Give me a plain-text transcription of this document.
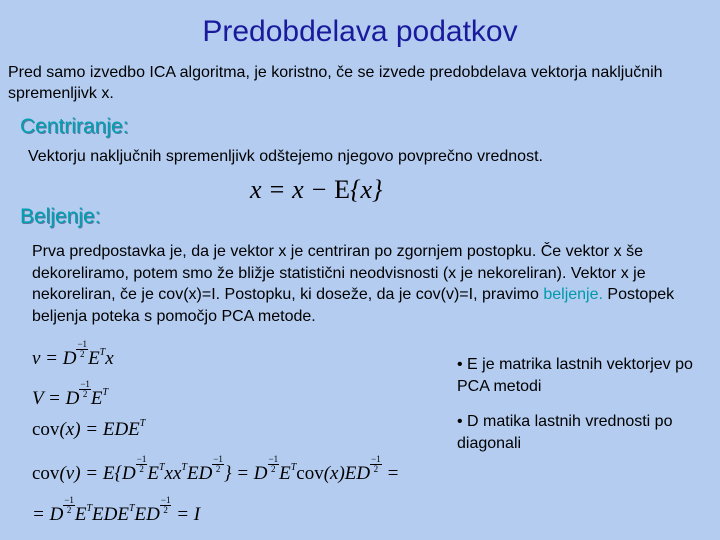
Predobdelava podatkov
Pred samo izvedbo ICA algoritma, je koristno, če se izvede predobdelava vektorja naključnih spremenljivk x.
Centriranje:
Vektorju naključnih spremenljivk odštejemo njegovo povprečno vrednost.
x = x − E{x}
Beljenje:
Prva predpostavka je, da je vektor x je centriran po zgornjem postopku. Če vektor x še dekoreliramo, potem smo že bližje statistični neodvisnosti (x je nekoreliran). Vektor x je nekoreliran, če je cov(x)=I. Postopku, ki doseže, da je cov(v)=I, pravimo beljenje. Postopek beljenja poteka s pomočjo PCA metode.
v = D $^{\frac{-1}{2}}$ $E^Tx$
V = D $^{\frac{-1}{2}}$ $E^T$
$cov(x) = EDE^T$
cov(v) = E{D $^{\frac{-1}{2}}$ $E^Txx^TED$ $^{\frac{-1}{2}}$ } = D $^{\frac{-1}{2}}$ $E^Tcov(x)ED$ $^{\frac{-1}{2}}$ =
= D $^{\frac{-1}{2}}$ $E^TEDE^TED$ $^{\frac{-1}{2}}$ = I

• E je matrika lastnih vektorjev po PCA metodi

• D matika lastnih vrednosti po diagonali
